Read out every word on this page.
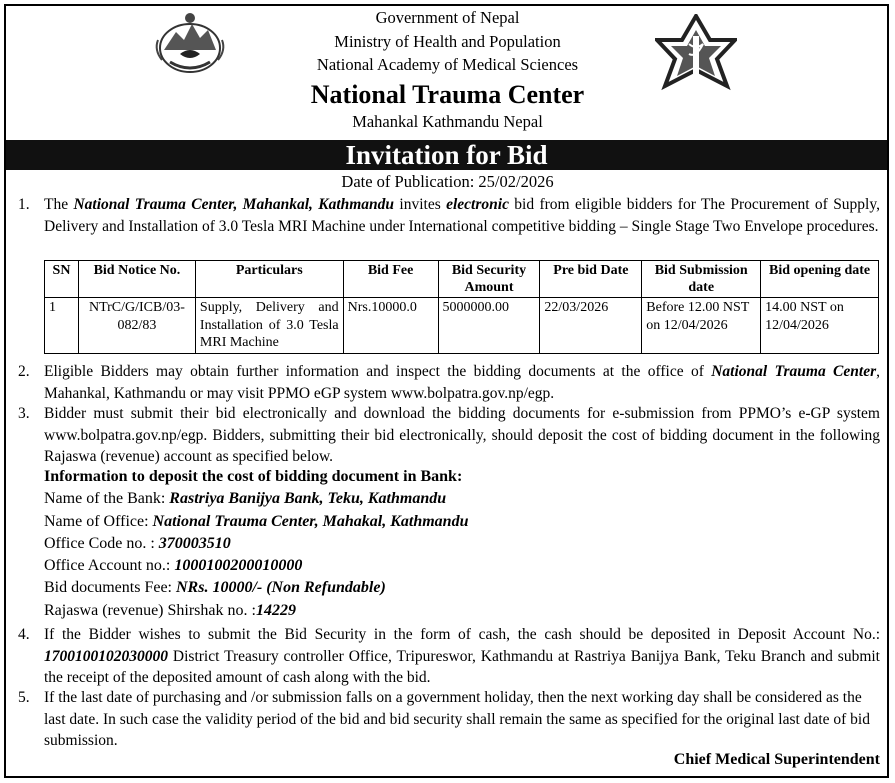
Government of Nepal
Ministry of Health and Population
National Academy of Medical Sciences
National Trauma Center
Mahankal Kathmandu Nepal
Invitation for Bid
Date of Publication: 25/02/2026
1. The National Trauma Center, Mahankal, Kathmandu invites electronic bid from eligible bidders for The Procurement of Supply, Delivery and Installation of 3.0 Tesla MRI Machine under International competitive bidding – Single Stage Two Envelope procedures.
SN	Bid Notice No.	Particulars	Bid Fee	Bid Security Amount	Pre bid Date	Bid Submission date	Bid opening date
1	NTrC/G/ICB/03-082/83	Supply, Delivery and Installation of 3.0 Tesla MRI Machine	Nrs.10000.0	5000000.00	22/03/2026	Before 12.00 NST on 12/04/2026	14.00 NST on 12/04/2026
2. Eligible Bidders may obtain further information and inspect the bidding documents at the office of National Trauma Center, Mahankal, Kathmandu or may visit PPMO eGP system www.bolpatra.gov.np/egp.
3. Bidder must submit their bid electronically and download the bidding documents for e-submission from PPMO’s e-GP system www.bolpatra.gov.np/egp. Bidders, submitting their bid electronically, should deposit the cost of bidding document in the following Rajaswa (revenue) account as specified below.
Information to deposit the cost of bidding document in Bank:
Name of the Bank: Rastriya Banijya Bank, Teku, Kathmandu
Name of Office: National Trauma Center, Mahakal, Kathmandu
Office Code no. : 370003510
Office Account no.: 1000100200010000
Bid documents Fee: NRs. 10000/- (Non Refundable)
Rajaswa (revenue) Shirshak no. :14229
4. If the Bidder wishes to submit the Bid Security in the form of cash, the cash should be deposited in Deposit Account No.: 1700100102030000 District Treasury controller Office, Tripureswor, Kathmandu at Rastriya Banijya Bank, Teku Branch and submit the receipt of the deposited amount of cash along with the bid.
5. If the last date of purchasing and /or submission falls on a government holiday, then the next working day shall be considered as the last date. In such case the validity period of the bid and bid security shall remain the same as specified for the original last date of bid submission.
Chief Medical Superintendent
